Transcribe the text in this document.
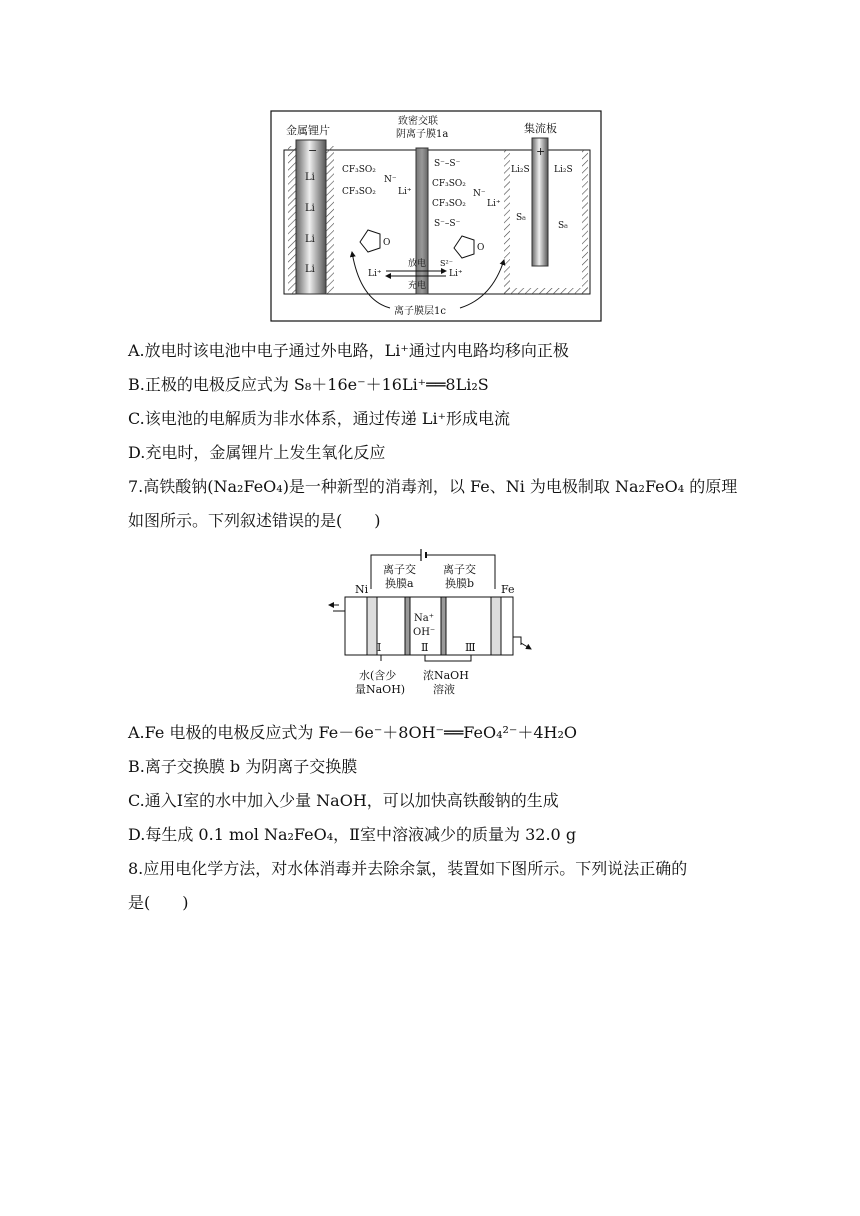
金属锂片
−
Li
Li
Li
Li
致密交联
阴离子膜1a
CF₃SO₂
CF₃SO₂
N⁻
Li⁺
O
S⁻–S⁻
CF₃SO₂
CF₃SO₂
N⁻
Li⁺
S⁻–S⁻
O
S²⁻
Li⁺	Li⁺
放电
充电
集流板
+
Li₂S	Li₂S
S₈
S₈
离子膜层1c
A.放电时该电池中电子通过外电路，Li⁺通过内电路均移向正极
B.正极的电极反应式为 S₈＋16e⁻＋16Li⁺══8Li₂S
C.该电池的电解质为非水体系，通过传递 Li⁺形成电流
D.充电时，金属锂片上发生氧化反应
7.高铁酸钠(Na₂FeO₄)是一种新型的消毒剂，以 Fe、Ni 为电极制取 Na₂FeO₄ 的原理
如图所示。下列叙述错误的是(　　)
离子交
换膜a
离子交
换膜b
Ni	Fe
Na⁺
OH⁻
Ⅰ	Ⅱ	Ⅲ
水(含少
量NaOH)
浓NaOH
溶液
A.Fe 电极的电极反应式为 Fe－6e⁻＋8OH⁻══FeO₄²⁻＋4H₂O
B.离子交换膜 b 为阴离子交换膜
C.通入Ⅰ室的水中加入少量 NaOH，可以加快高铁酸钠的生成
D.每生成 0.1 mol Na₂FeO₄，Ⅱ室中溶液减少的质量为 32.0 g
8.应用电化学方法，对水体消毒并去除余氯，装置如下图所示。下列说法正确的
是(　　)
